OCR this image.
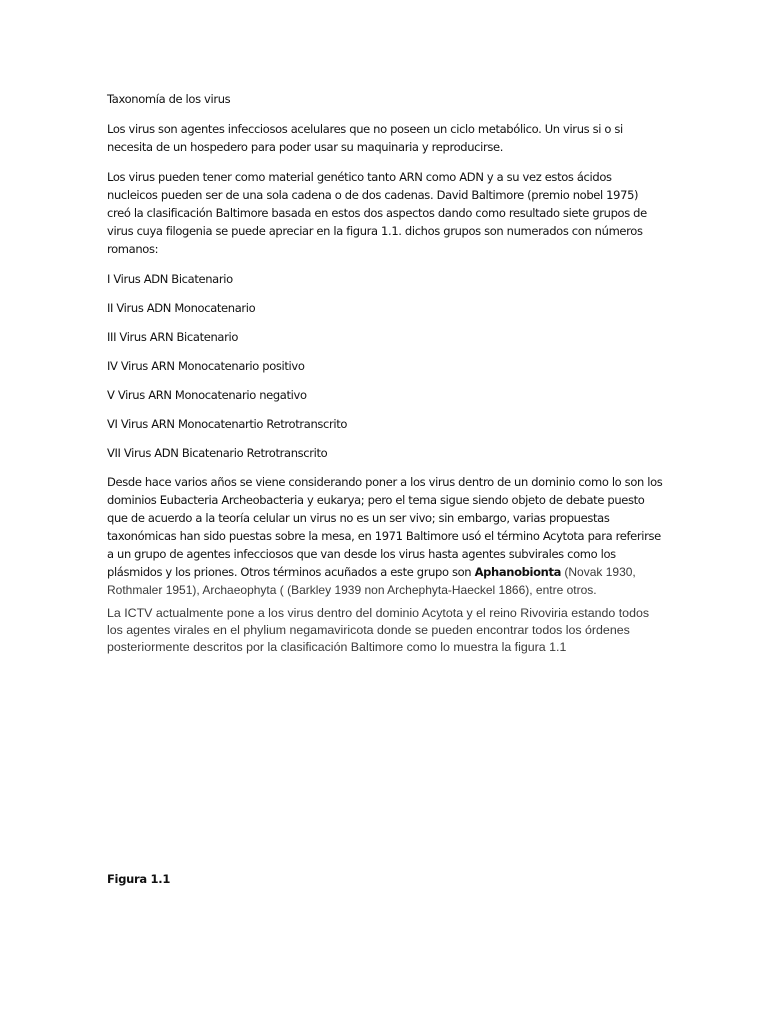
Taxonomía de los virus

Los virus son agentes infecciosos acelulares que no poseen un ciclo metabólico. Un virus si o si necesita de un hospedero para poder usar su maquinaria y reproducirse.

Los virus pueden tener como material genético tanto ARN como ADN y a su vez estos ácidos nucleicos pueden ser de una sola cadena o de dos cadenas. David Baltimore (premio nobel 1975) creó la clasificación Baltimore basada en estos dos aspectos dando como resultado siete grupos de virus cuya filogenia se puede apreciar en la figura 1.1. dichos grupos son numerados con números romanos:

I Virus ADN Bicatenario

II Virus ADN Monocatenario

III Virus ARN Bicatenario

IV Virus ARN Monocatenario positivo

V Virus ARN Monocatenario negativo

VI Virus ARN Monocatenartio Retrotranscrito

VII Virus ADN Bicatenario Retrotranscrito

Desde hace varios años se viene considerando poner a los virus dentro de un dominio como lo son los dominios Eubacteria Archeobacteria y eukarya; pero el tema sigue siendo objeto de debate puesto que de acuerdo a la teoría celular un virus no es un ser vivo; sin embargo, varias propuestas taxonómicas han sido puestas sobre la mesa, en 1971 Baltimore usó el término Acytota para referirse a un grupo de agentes infecciosos que van desde los virus hasta agentes subvirales como los plásmidos y los priones. Otros términos acuñados a este grupo son Aphanobionta (Novak 1930, Rothmaler 1951), Archaeophyta ( (Barkley 1939 non Archephyta-Haeckel 1866), entre otros.

La ICTV actualmente pone a los virus dentro del dominio Acytota y el reino Rivoviria estando todos los agentes virales en el phylium negamaviricota donde se pueden encontrar todos los órdenes posteriormente descritos por la clasificación Baltimore como lo muestra la figura 1.1

Figura 1.1
